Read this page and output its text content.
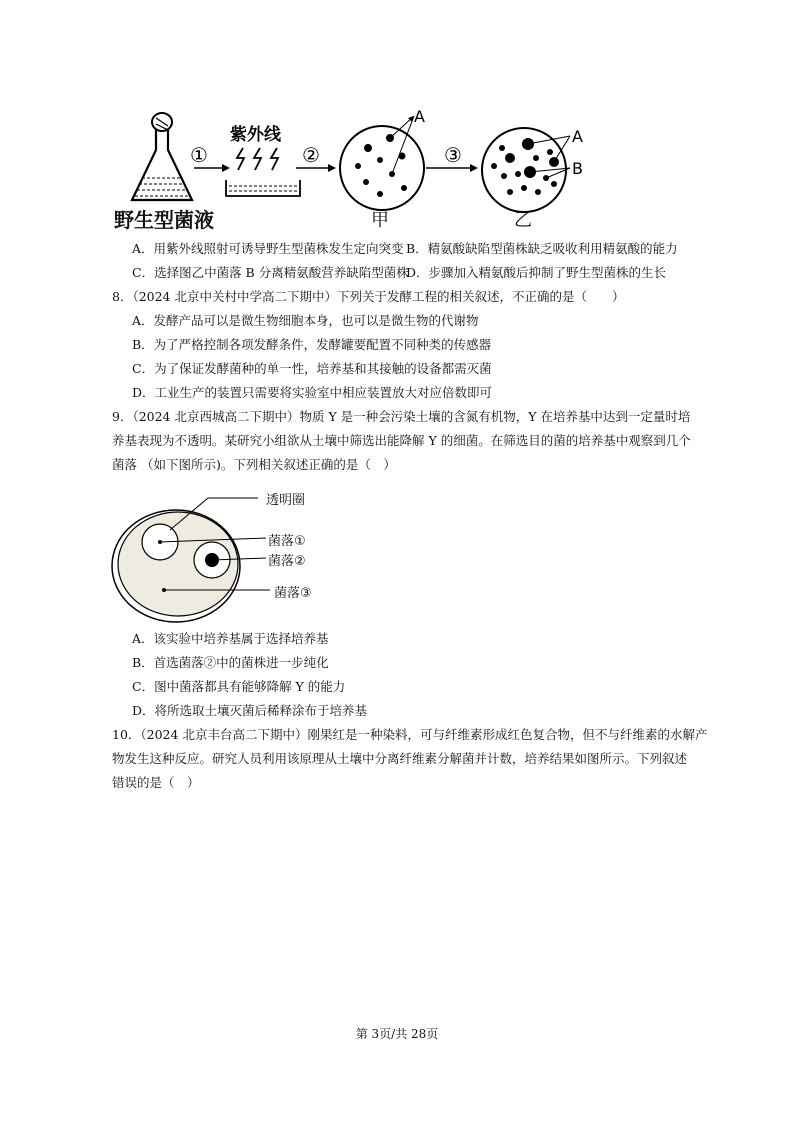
①
紫外线
②
A
③
A
B
野生型菌液	甲	乙
A．用紫外线照射可诱导野生型菌株发生定向突变 B．精氨酸缺陷型菌株缺乏吸收利用精氨酸的能力
C．选择图乙中菌落 B 分离精氨酸营养缺陷型菌株
D．步骤加入精氨酸后抑制了野生型菌株的生长
8．（2024 北京中关村中学高二下期中）下列关于发酵工程的相关叙述，不正确的是（　　）
A．发酵产品可以是微生物细胞本身，也可以是微生物的代谢物
B．为了严格控制各项发酵条件，发酵罐要配置不同种类的传感器
C．为了保证发酵菌种的单一性，培养基和其接触的设备都需灭菌
D．工业生产的装置只需要将实验室中相应装置放大对应倍数即可
9．（2024 北京西城高二下期中）物质 Y 是一种会污染土壤的含氮有机物，Y 在培养基中达到一定量时培
养基表现为不透明。某研究小组欲从土壤中筛选出能降解 Y 的细菌。在筛选目的菌的培养基中观察到几个
菌落 （如下图所示)。下列相关叙述正确的是（　）
透明圈
菌落①
菌落②
菌落③
A．该实验中培养基属于选择培养基
B．首选菌落②中的菌株进一步纯化
C．图中菌落都具有能够降解 Y 的能力
D．将所选取土壤灭菌后稀释涂布于培养基
10．（2024 北京丰台高二下期中）刚果红是一种染料，可与纤维素形成红色复合物，但不与纤维素的水解产
物发生这种反应。研究人员利用该原理从土壤中分离纤维素分解菌并计数，培养结果如图所示。下列叙述
错误的是（　）
第 3页/共 28页
